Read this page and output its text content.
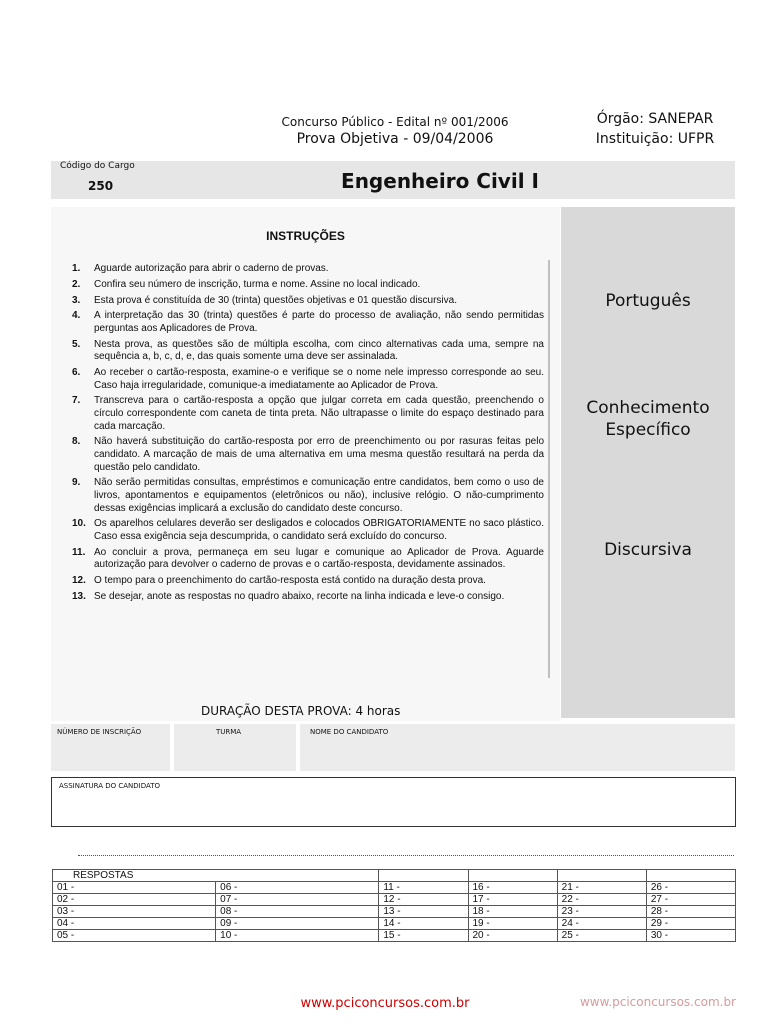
Concurso Público - Edital nº 001/2006
Prova Objetiva - 09/04/2006
Órgão: SANEPAR
Instituição: UFPR
Código do Cargo
250	Engenheiro Civil I
INSTRUÇÕES
1. Aguarde autorização para abrir o caderno de provas.
2. Confira seu número de inscrição, turma e nome. Assine no local indicado.
3. Esta prova é constituída de 30 (trinta) questões objetivas e 01 questão discursiva.
4. A interpretação das 30 (trinta) questões é parte do processo de avaliação, não sendo permitidas perguntas aos Aplicadores de Prova.
5. Nesta prova, as questões são de múltipla escolha, com cinco alternativas cada uma, sempre na sequência a, b, c, d, e, das quais somente uma deve ser assinalada.
6. Ao receber o cartão-resposta, examine-o e verifique se o nome nele impresso corresponde ao seu. Caso haja irregularidade, comunique-a imediatamente ao Aplicador de Prova.
7. Transcreva para o cartão-resposta a opção que julgar correta em cada questão, preenchendo o círculo correspondente com caneta de tinta preta. Não ultrapasse o limite do espaço destinado para cada marcação.
8. Não haverá substituição do cartão-resposta por erro de preenchimento ou por rasuras feitas pelo candidato. A marcação de mais de uma alternativa em uma mesma questão resultará na perda da questão pelo candidato.
9. Não serão permitidas consultas, empréstimos e comunicação entre candidatos, bem como o uso de livros, apontamentos e equipamentos (eletrônicos ou não), inclusive relógio. O não-cumprimento dessas exigências implicará a exclusão do candidato deste concurso.
10. Os aparelhos celulares deverão ser desligados e colocados OBRIGATORIAMENTE no saco plástico. Caso essa exigência seja descumprida, o candidato será excluído do concurso.
11. Ao concluir a prova, permaneça em seu lugar e comunique ao Aplicador de Prova. Aguarde autorização para devolver o caderno de provas e o cartão-resposta, devidamente assinados.
12. O tempo para o preenchimento do cartão-resposta está contido na duração desta prova.
13. Se desejar, anote as respostas no quadro abaixo, recorte na linha indicada e leve-o consigo.
DURAÇÃO DESTA PROVA: 4 horas
Português
Conhecimento Específico
Discursiva
NÚMERO DE INSCRIÇÃO	TURMA	NOME DO CANDIDATO
ASSINATURA DO CANDIDATO
RESPOSTAS					
01 -	06 -	11 -	16 -	21 -	26 -
02 -	07 -	12 -	17 -	22 -	27 -
03 -	08 -	13 -	18 -	23 -	28 -
04 -	09 -	14 -	19 -	24 -	29 -
05 -	10 -	15 -	20 -	25 -	30 -
www.pciconcursos.com.br	www.pciconcursos.com.br
